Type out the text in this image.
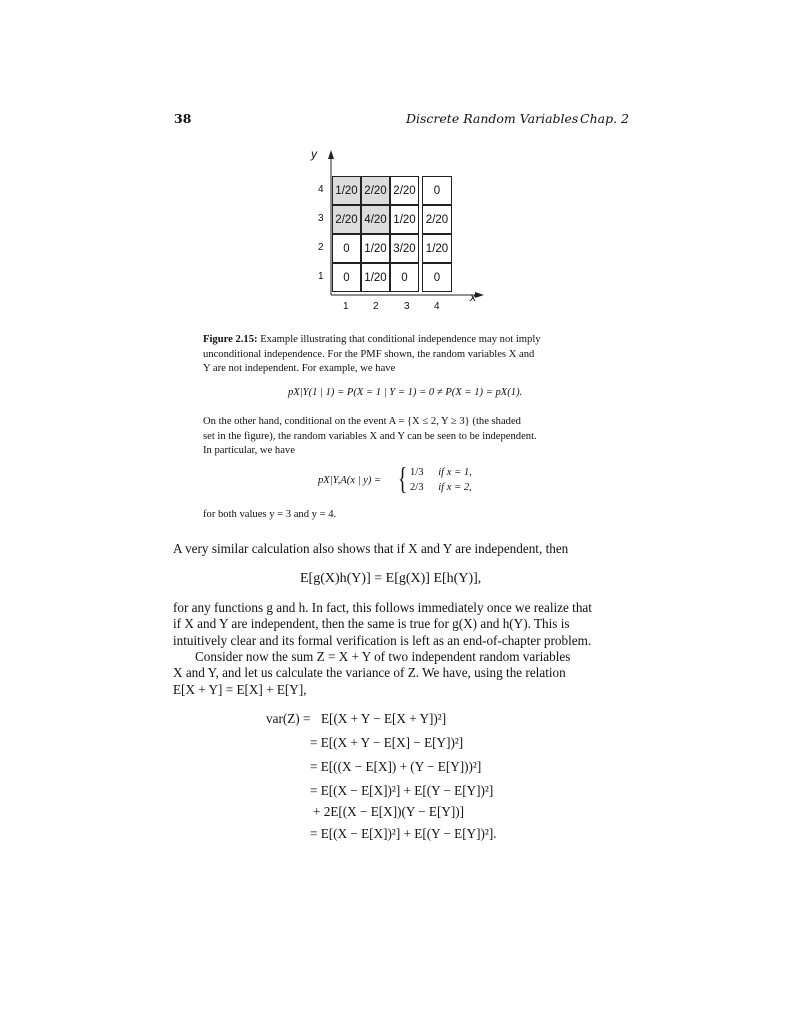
38	Discrete Random Variables Chap. 2
y
x
1/20 2/20 2/20	0
2/20 4/20 1/20 2/20
0	1/20 3/20 1/20
0	1/20	0	0
4
3
2
1
1 2	3 4
Figure 2.15: Example illustrating that conditional independence may not imply
unconditional independence. For the PMF shown, the random variables X and
Y are not independent. For example, we have
pX|Y(1 | 1) = P(X = 1 | Y = 1) = 0 ≠ P(X = 1) = pX(1).
On the other hand, conditional on the event A = {X ≤ 2, Y ≥ 3} (the shaded
set in the figure), the random variables X and Y can be seen to be independent.
In particular, we have
pX|Y,A(x | y) = { 1/3 if x = 1,
2/3 if x = 2,
for both values y = 3 and y = 4.
A very similar calculation also shows that if X and Y are independent, then
E[g(X)h(Y)] = E[g(X)] E[h(Y)],
for any functions g and h. In fact, this follows immediately once we realize that
if X and Y are independent, then the same is true for g(X) and h(Y). This is
intuitively clear and its formal verification is left as an end-of-chapter problem.
Consider now the sum Z = X + Y of two independent random variables
X and Y, and let us calculate the variance of Z. We have, using the relation
E[X + Y] = E[X] + E[Y],
var(Z) = E[(X + Y − E[X + Y])²]
= E[(X + Y − E[X] − E[Y])²]
= E[((X − E[X]) + (Y − E[Y]))²]
= E[(X − E[X])²] + E[(Y − E[Y])²]
+ 2E[(X − E[X])(Y − E[Y])]
= E[(X − E[X])²] + E[(Y − E[Y])²].
